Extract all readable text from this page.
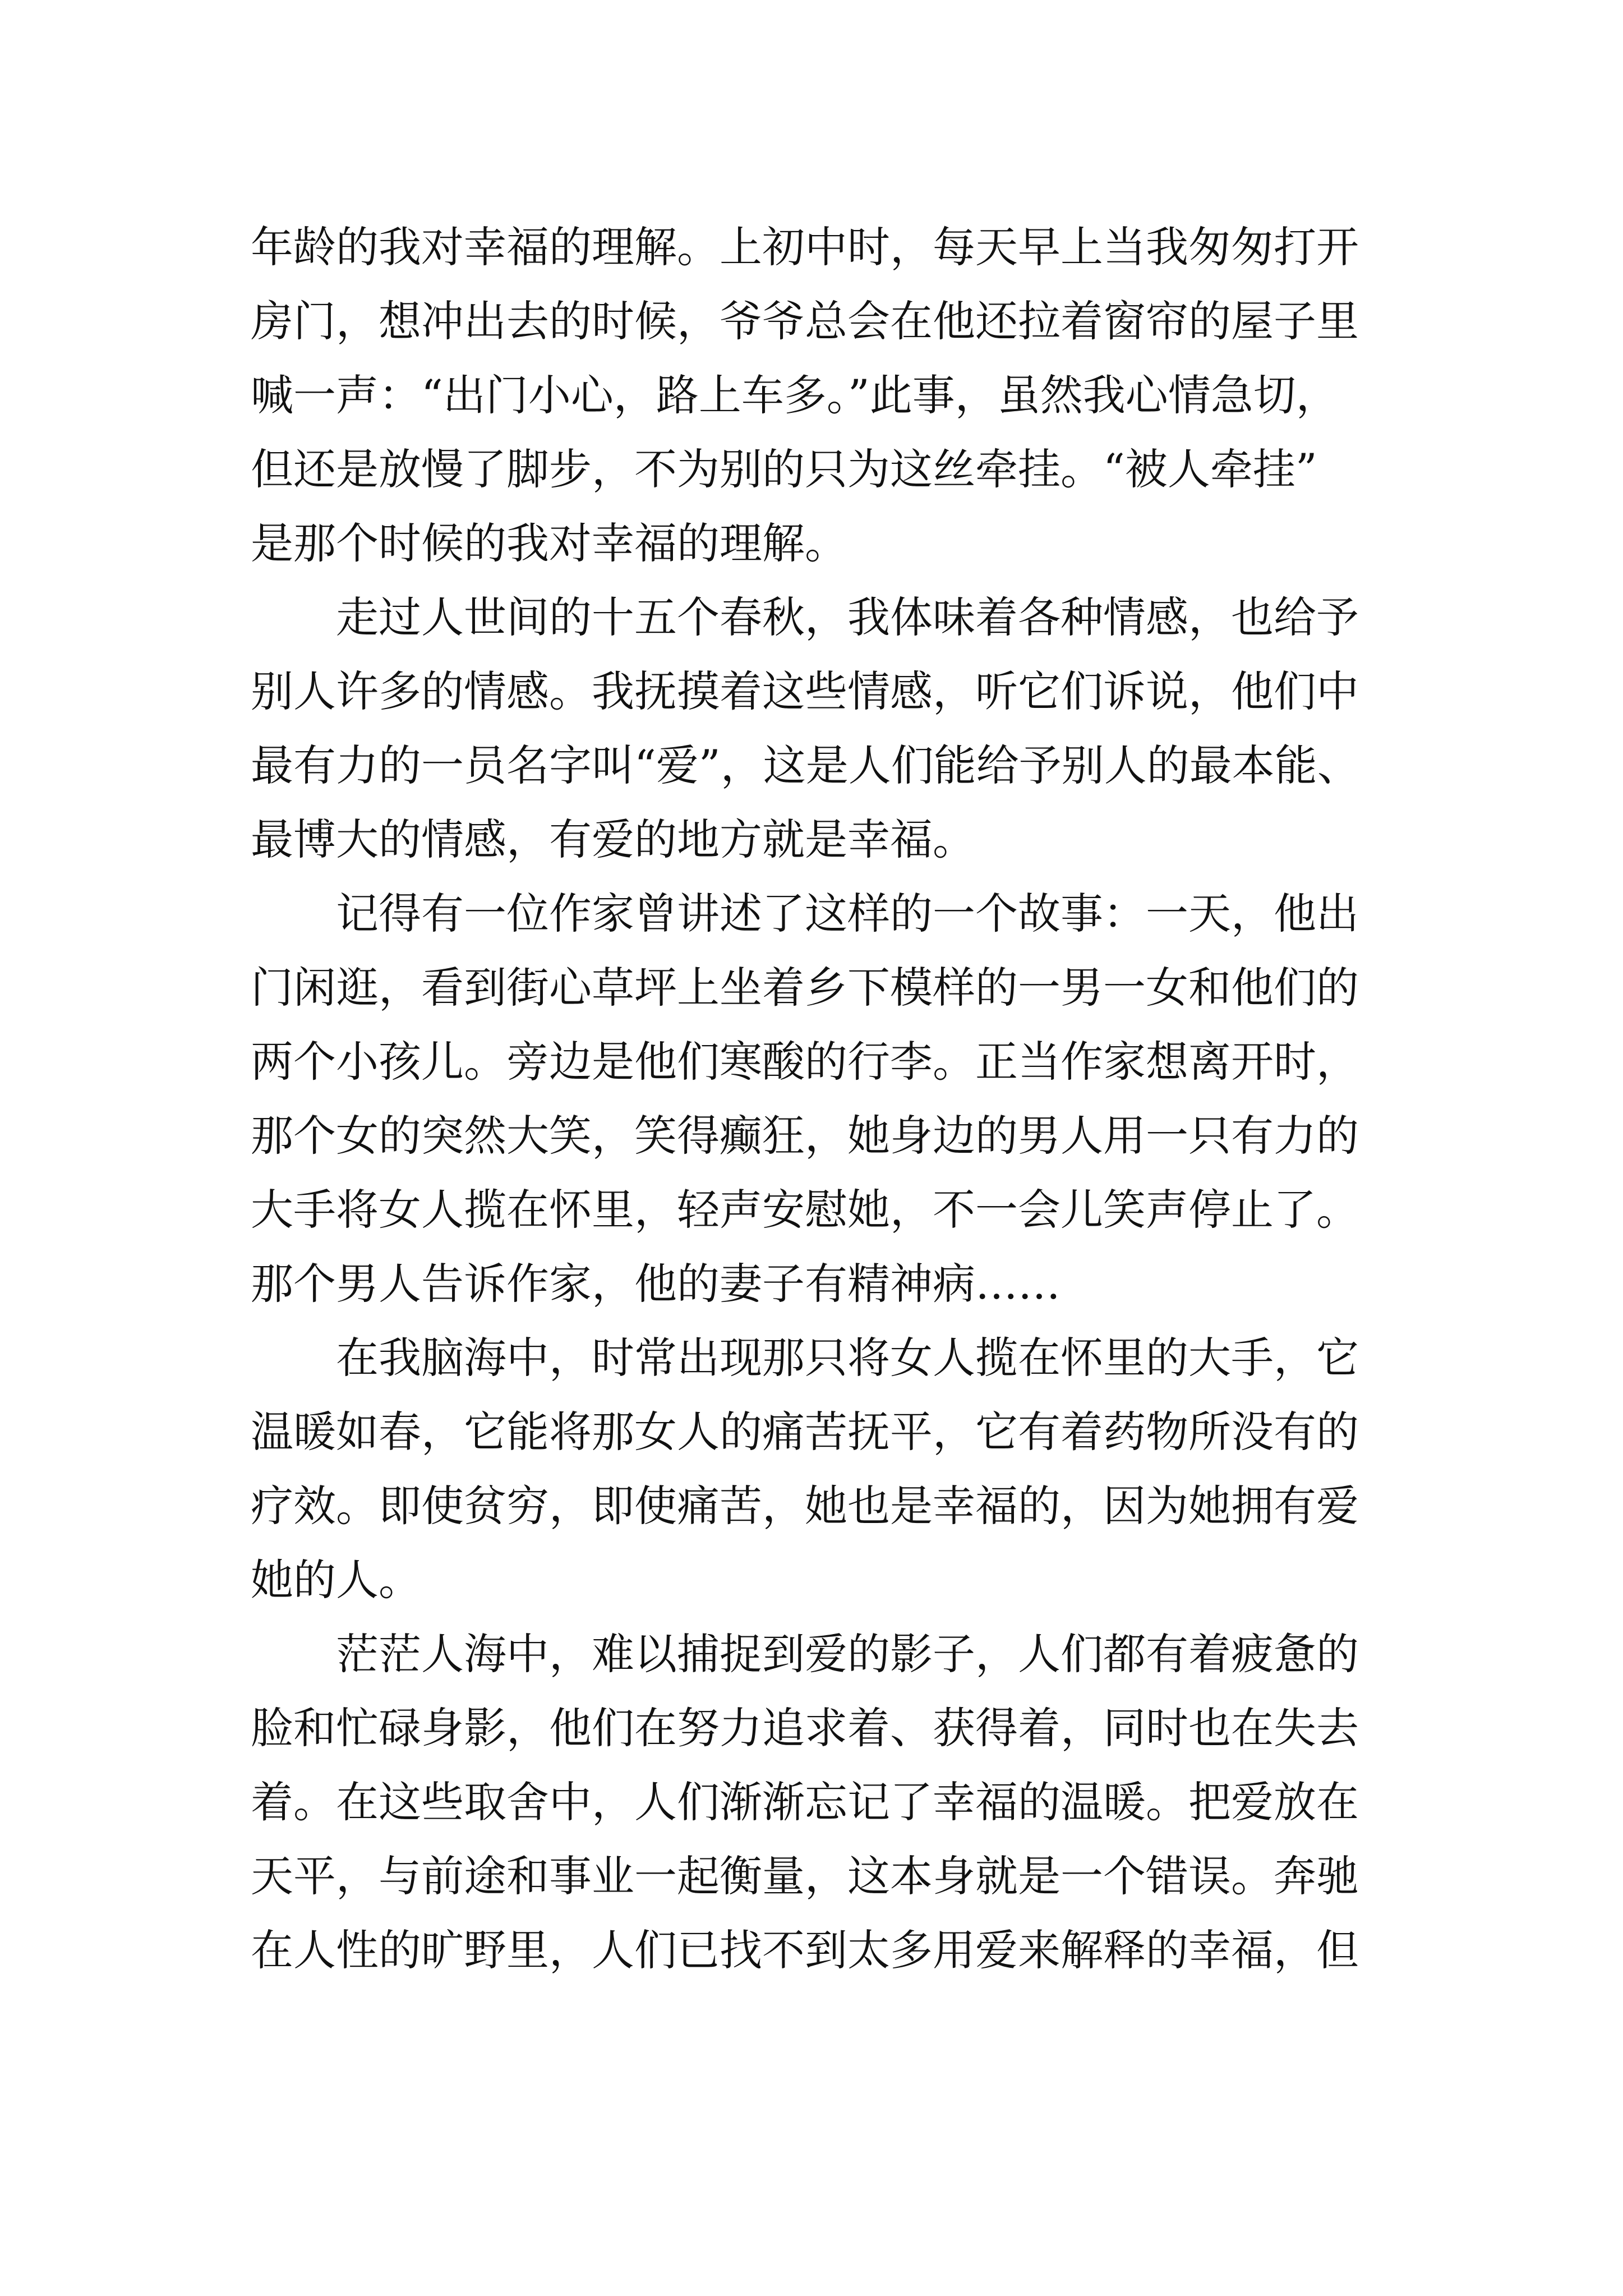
年龄的我对幸福的理解。上初中时，每天早上当我匆匆打开
房门，想冲出去的时候，爷爷总会在他还拉着窗帘的屋子里
喊一声：“出门小心，路上车多。”此事，虽然我心情急切，
但还是放慢了脚步，不为别的只为这丝牵挂。“被人牵挂”
是那个时候的我对幸福的理解。
　　走过人世间的十五个春秋，我体味着各种情感，也给予
别人许多的情感。我抚摸着这些情感，听它们诉说，他们中
最有力的一员名字叫“爱”，这是人们能给予别人的最本能、
最博大的情感，有爱的地方就是幸福。
　　记得有一位作家曾讲述了这样的一个故事：一天，他出
门闲逛，看到街心草坪上坐着乡下模样的一男一女和他们的
两个小孩儿。旁边是他们寒酸的行李。正当作家想离开时，
那个女的突然大笑，笑得癫狂，她身边的男人用一只有力的
大手将女人揽在怀里，轻声安慰她，不一会儿笑声停止了。
那个男人告诉作家，他的妻子有精神病……
　　在我脑海中，时常出现那只将女人揽在怀里的大手，它
温暖如春，它能将那女人的痛苦抚平，它有着药物所没有的
疗效。即使贫穷，即使痛苦，她也是幸福的，因为她拥有爱
她的人。
　　茫茫人海中，难以捕捉到爱的影子，人们都有着疲惫的
脸和忙碌身影，他们在努力追求着、获得着，同时也在失去
着。在这些取舍中，人们渐渐忘记了幸福的温暖。把爱放在
天平，与前途和事业一起衡量，这本身就是一个错误。奔驰
在人性的旷野里，人们已找不到太多用爱来解释的幸福，但
